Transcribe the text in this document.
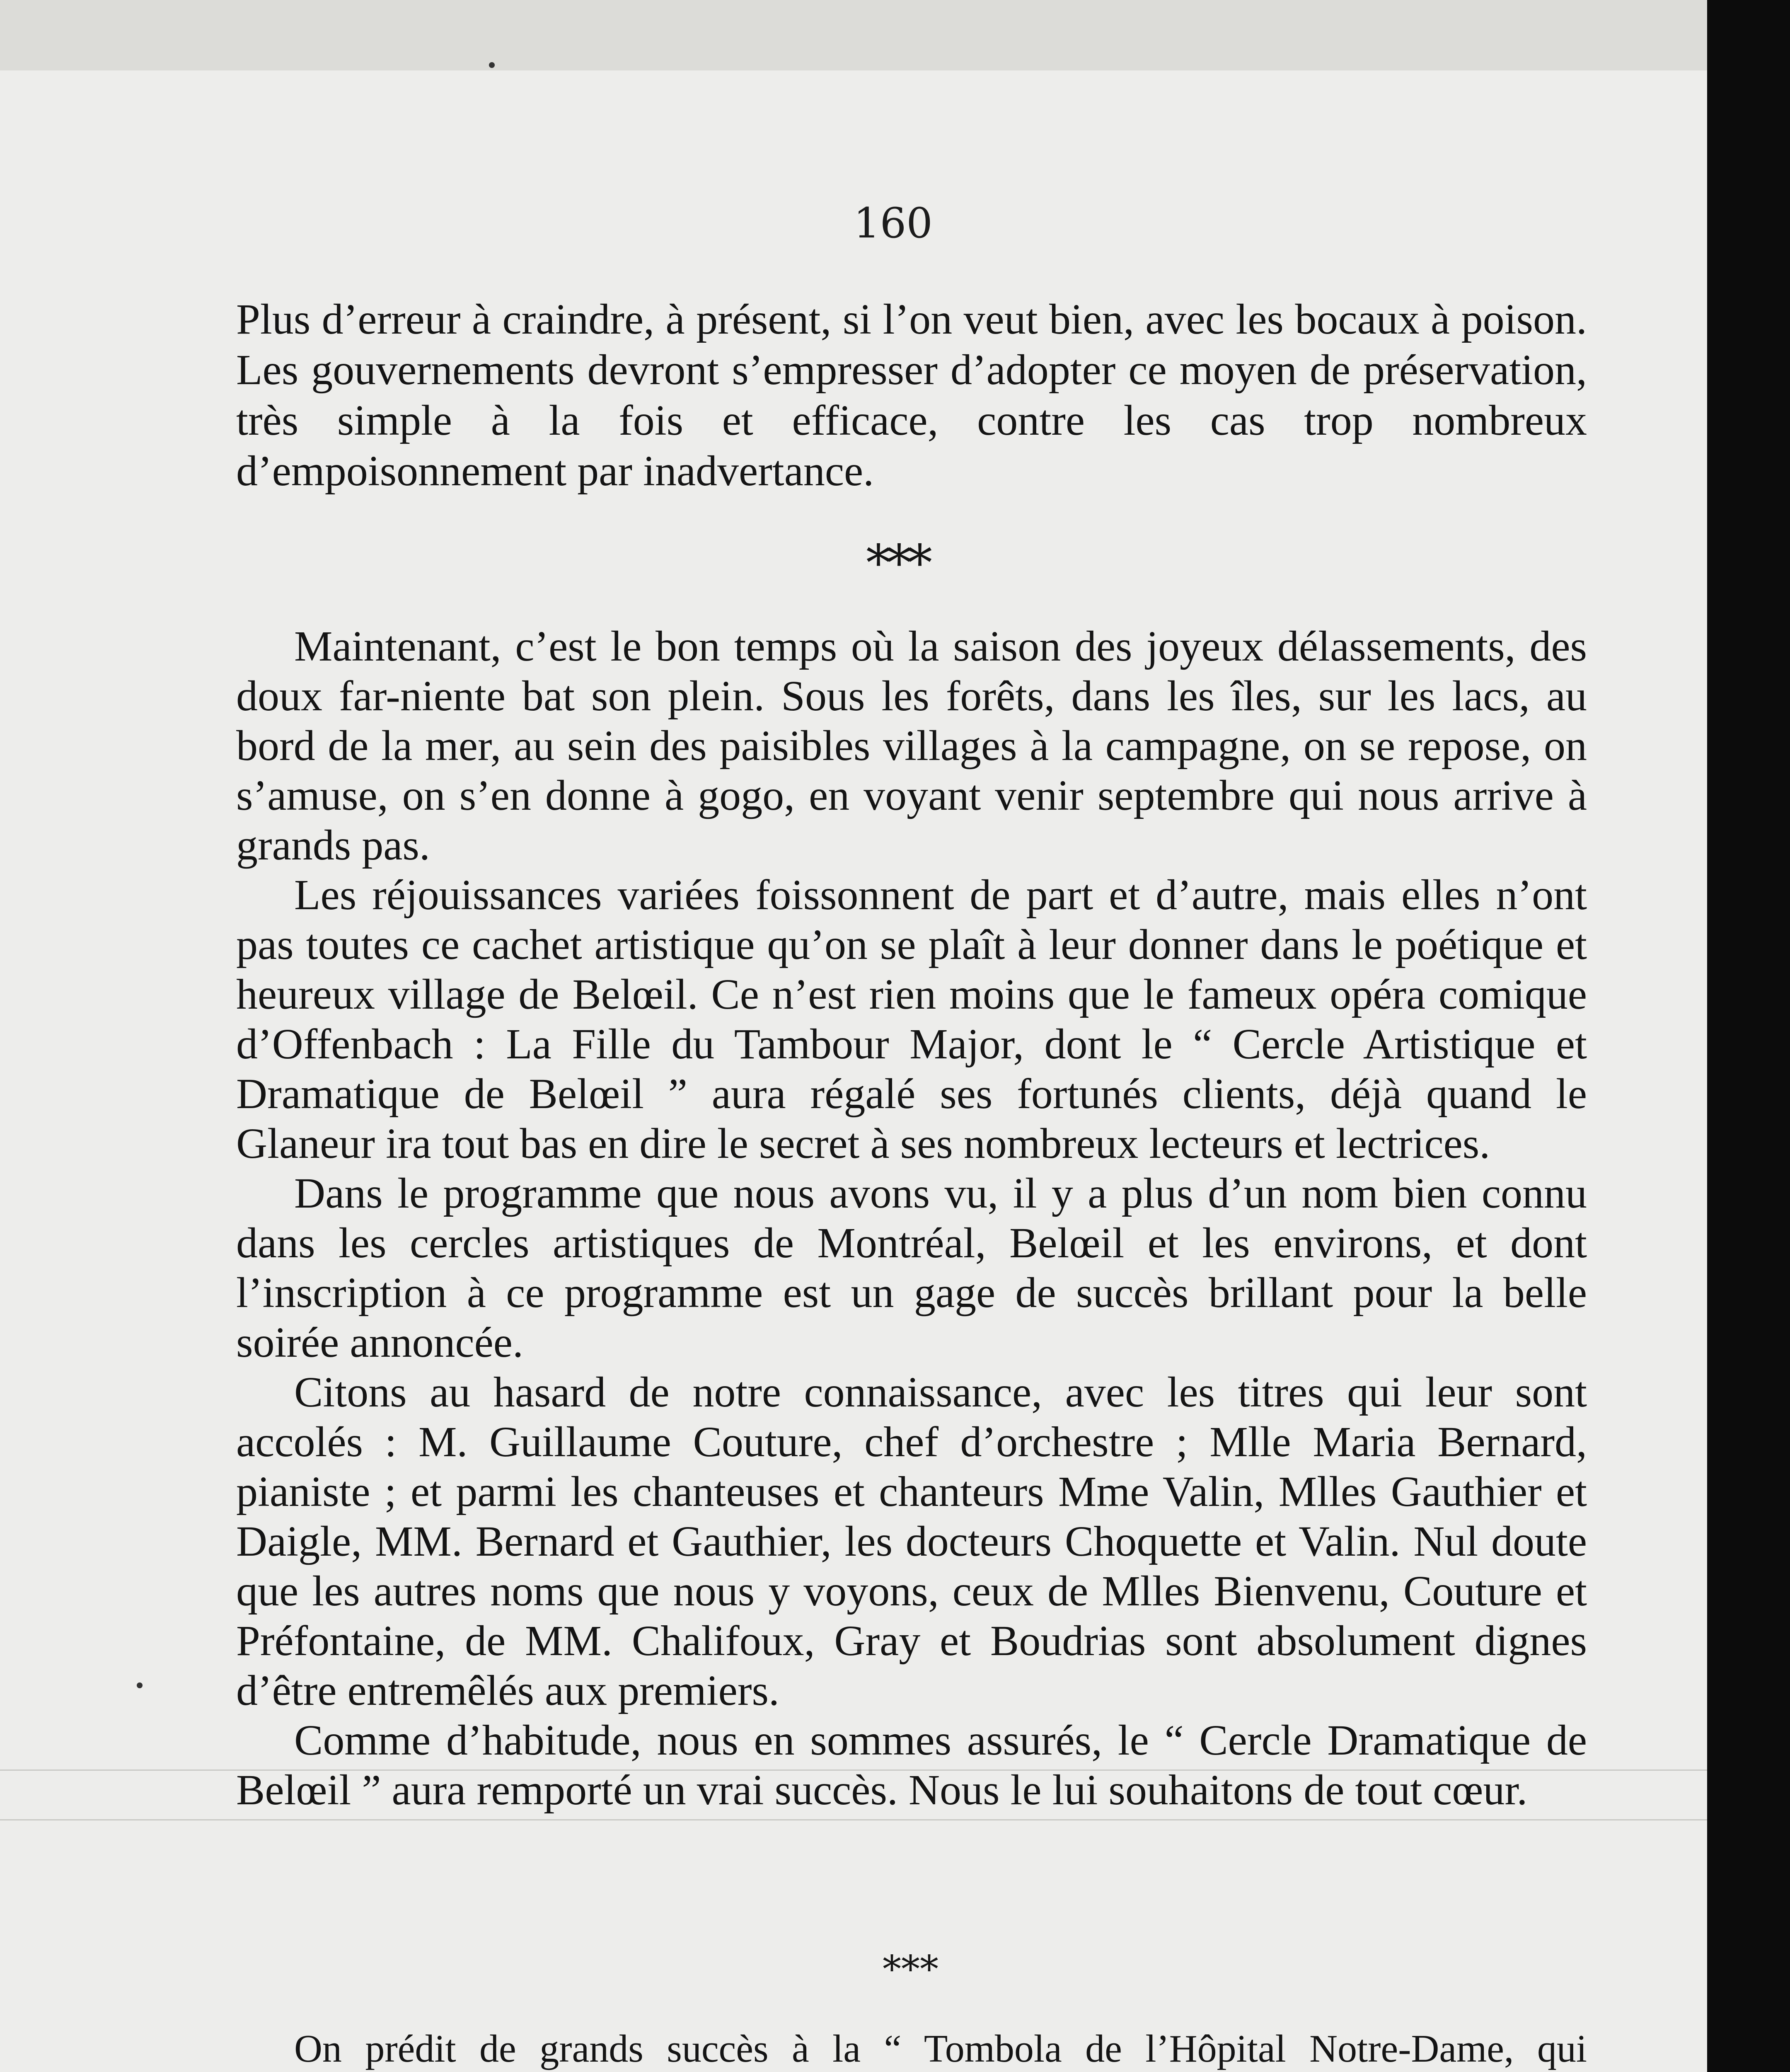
160

Plus d’erreur à craindre, à présent, si l’on veut bien, avec les bocaux à poison. Les gouvernements devront s’empresser d’adopter ce moyen de préservation, très simple à la fois et efficace, contre les cas trop nombreux d’empoisonnement par inadvertance.

***

Maintenant, c’est le bon temps où la saison des joyeux délassements, des doux far-niente bat son plein. Sous les forêts, dans les îles, sur les lacs, au bord de la mer, au sein des paisibles villages à la campagne, on se repose, on s’amuse, on s’en donne à gogo, en voyant venir septembre qui nous arrive à grands pas.

Les réjouissances variées foissonnent de part et d’autre, mais elles n’ont pas toutes ce cachet artistique qu’on se plaît à leur donner dans le poétique et heureux village de Belœil. Ce n’est rien moins que le fameux opéra comique d’Offenbach : La Fille du Tambour Major, dont le “ Cercle Artistique et Dramatique de Belœil ” aura régalé ses fortunés clients, déjà quand le Glaneur ira tout bas en dire le secret à ses nombreux lecteurs et lectrices.

Dans le programme que nous avons vu, il y a plus d’un nom bien connu dans les cercles artistiques de Montréal, Belœil et les environs, et dont l’inscription à ce programme est un gage de succès brillant pour la belle soirée annoncée.

Citons au hasard de notre connaissance, avec les titres qui leur sont accolés : M. Guillaume Couture, chef d’orchestre ; Mlle Maria Bernard, pianiste ; et parmi les chanteuses et chanteurs Mme Valin, Mlles Gauthier et Daigle, MM. Bernard et Gauthier, les docteurs Choquette et Valin. Nul doute que les autres noms que nous y voyons, ceux de Mlles Bienvenu, Couture et Préfontaine, de MM. Chalifoux, Gray et Boudrias sont absolument dignes d’être entremêlés aux premiers.

Comme d’habitude, nous en sommes assurés, le “ Cercle Dramatique de Belœil ” aura remporté un vrai succès. Nous le lui souhaitons de tout cœur.

***

On prédit de grands succès à la “ Tombola de l’Hôpital Notre-Dame, qui
